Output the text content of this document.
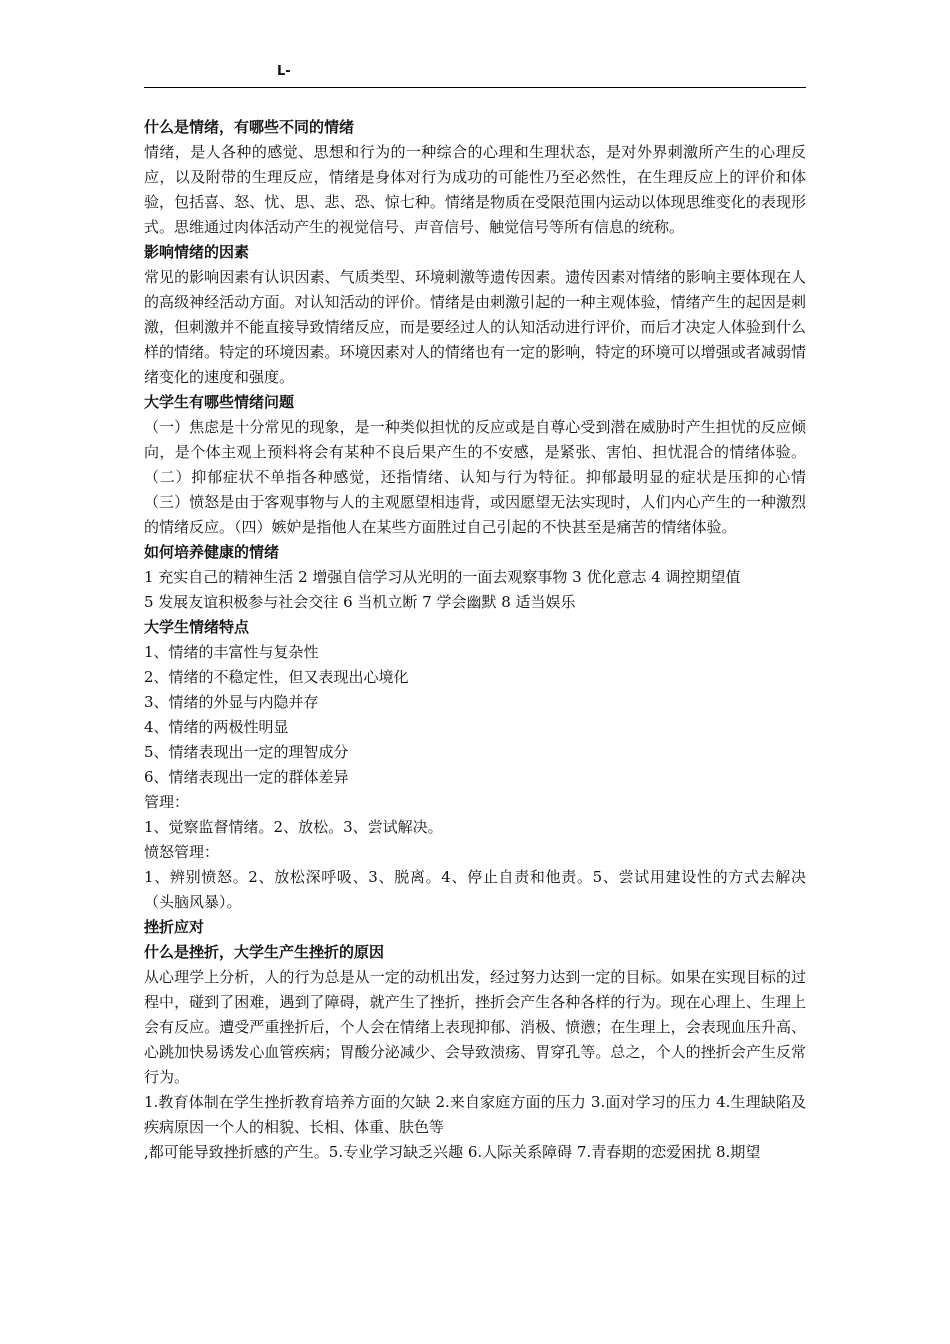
L-
什么是情绪，有哪些不同的情绪

情绪，是人各种的感觉、思想和行为的一种综合的心理和生理状态，是对外界刺激所产生的心理反应，以及附带的生理反应，情绪是身体对行为成功的可能性乃至必然性，在生理反应上的评价和体验，包括喜、怒、忧、思、悲、恐、惊七种。情绪是物质在受限范围内运动以体现思维变化的表现形式。思维通过肉体活动产生的视觉信号、声音信号、触觉信号等所有信息的统称。

影响情绪的因素

常见的影响因素有认识因素、气质类型、环境刺激等遗传因素。遗传因素对情绪的影响主要体现在人的高级神经活动方面。对认知活动的评价。情绪是由刺激引起的一种主观体验，情绪产生的起因是刺激，但刺激并不能直接导致情绪反应，而是要经过人的认知活动进行评价，而后才决定人体验到什么样的情绪。特定的环境因素。环境因素对人的情绪也有一定的影响，特定的环境可以增强或者减弱情绪变化的速度和强度。

大学生有哪些情绪问题

（一）焦虑是十分常见的现象，是一种类似担忧的反应或是自尊心受到潜在威胁时产生担忧的反应倾向，是个体主观上预料将会有某种不良后果产生的不安感，是紧张、害怕、担忧混合的情绪体验。（二）抑郁症状不单指各种感觉，还指情绪、认知与行为特征。抑郁最明显的症状是压抑的心情（三）愤怒是由于客观事物与人的主观愿望相违背，或因愿望无法实现时，人们内心产生的一种激烈的情绪反应。（四）嫉妒是指他人在某些方面胜过自己引起的不快甚至是痛苦的情绪体验。

如何培养健康的情绪

1 充实自己的精神生活 2 增强自信学习从光明的一面去观察事物 3 优化意志 4 调控期望值

5 发展友谊积极参与社会交往 6 当机立断 7 学会幽默 8 适当娱乐

大学生情绪特点

1、情绪的丰富性与复杂性

2、情绪的不稳定性，但又表现出心境化

3、情绪的外显与内隐并存

4、情绪的两极性明显

5、情绪表现出一定的理智成分

6、情绪表现出一定的群体差异

管理：

1、觉察监督情绪。2、放松。3、尝试解决。

愤怒管理：

1、辨别愤怒。2、放松深呼吸、3、脱离。4、停止自责和他责。5、尝试用建设性的方式去解决（头脑风暴）。

挫折应对
什么是挫折，大学生产生挫折的原因

从心理学上分析，人的行为总是从一定的动机出发，经过努力达到一定的目标。如果在实现目标的过程中，碰到了困难，遇到了障碍，就产生了挫折，挫折会产生各种各样的行为。现在心理上、生理上会有反应。遭受严重挫折后，个人会在情绪上表现抑郁、消极、愤懑；在生理上，会表现血压升高、心跳加快易诱发心血管疾病；胃酸分泌减少、会导致溃疡、胃穿孔等。总之，个人的挫折会产生反常行为。

1.教育体制在学生挫折教育培养方面的欠缺 2.来自家庭方面的压力 3.面对学习的压力 4.生理缺陷及疾病原因一个人的相貌、长相、体重、肤色等

,都可能导致挫折感的产生。5.专业学习缺乏兴趣 6.人际关系障碍 7.青春期的恋爱困扰 8.期望
